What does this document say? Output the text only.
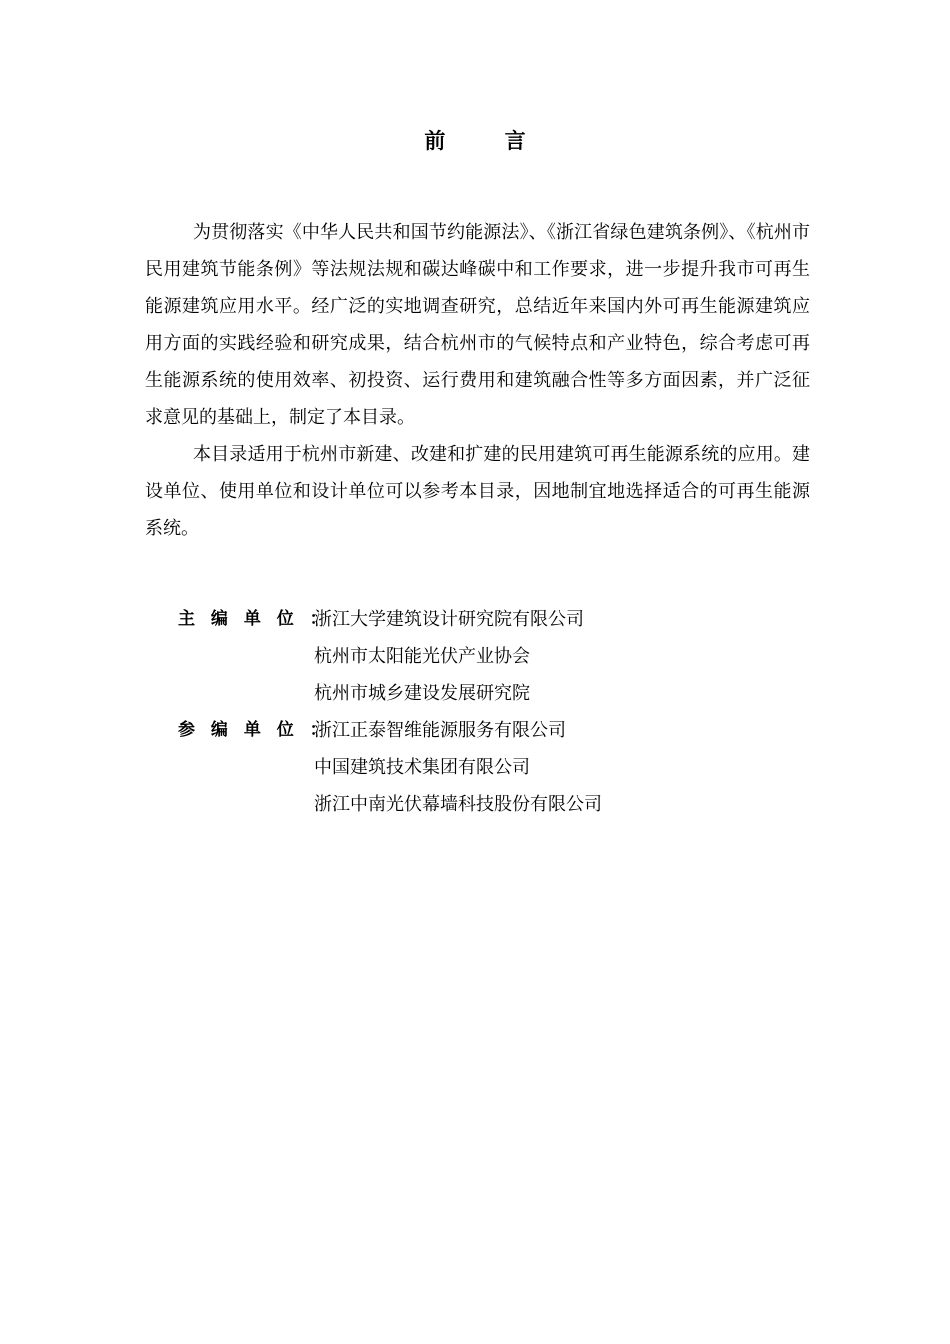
前 言

为贯彻落实《中华人民共和国节约能源法》、《浙江省绿色建筑条例》、《杭州市民用建筑节能条例》等法规法规和碳达峰碳中和工作要求，进一步提升我市可再生能源建筑应用水平。经广泛的实地调查研究，总结近年来国内外可再生能源建筑应用方面的实践经验和研究成果，结合杭州市的气候特点和产业特色，综合考虑可再生能源系统的使用效率、初投资、运行费用和建筑融合性等多方面因素，并广泛征求意见的基础上，制定了本目录。

本目录适用于杭州市新建、改建和扩建的民用建筑可再生能源系统的应用。建设单位、使用单位和设计单位可以参考本目录，因地制宜地选择适合的可再生能源系统。

主 编 单 位 ：
浙江大学建筑设计研究院有限公司
杭州市太阳能光伏产业协会
杭州市城乡建设发展研究院
参 编 单 位 ：
浙江正泰智维能源服务有限公司
中国建筑技术集团有限公司
浙江中南光伏幕墙科技股份有限公司
